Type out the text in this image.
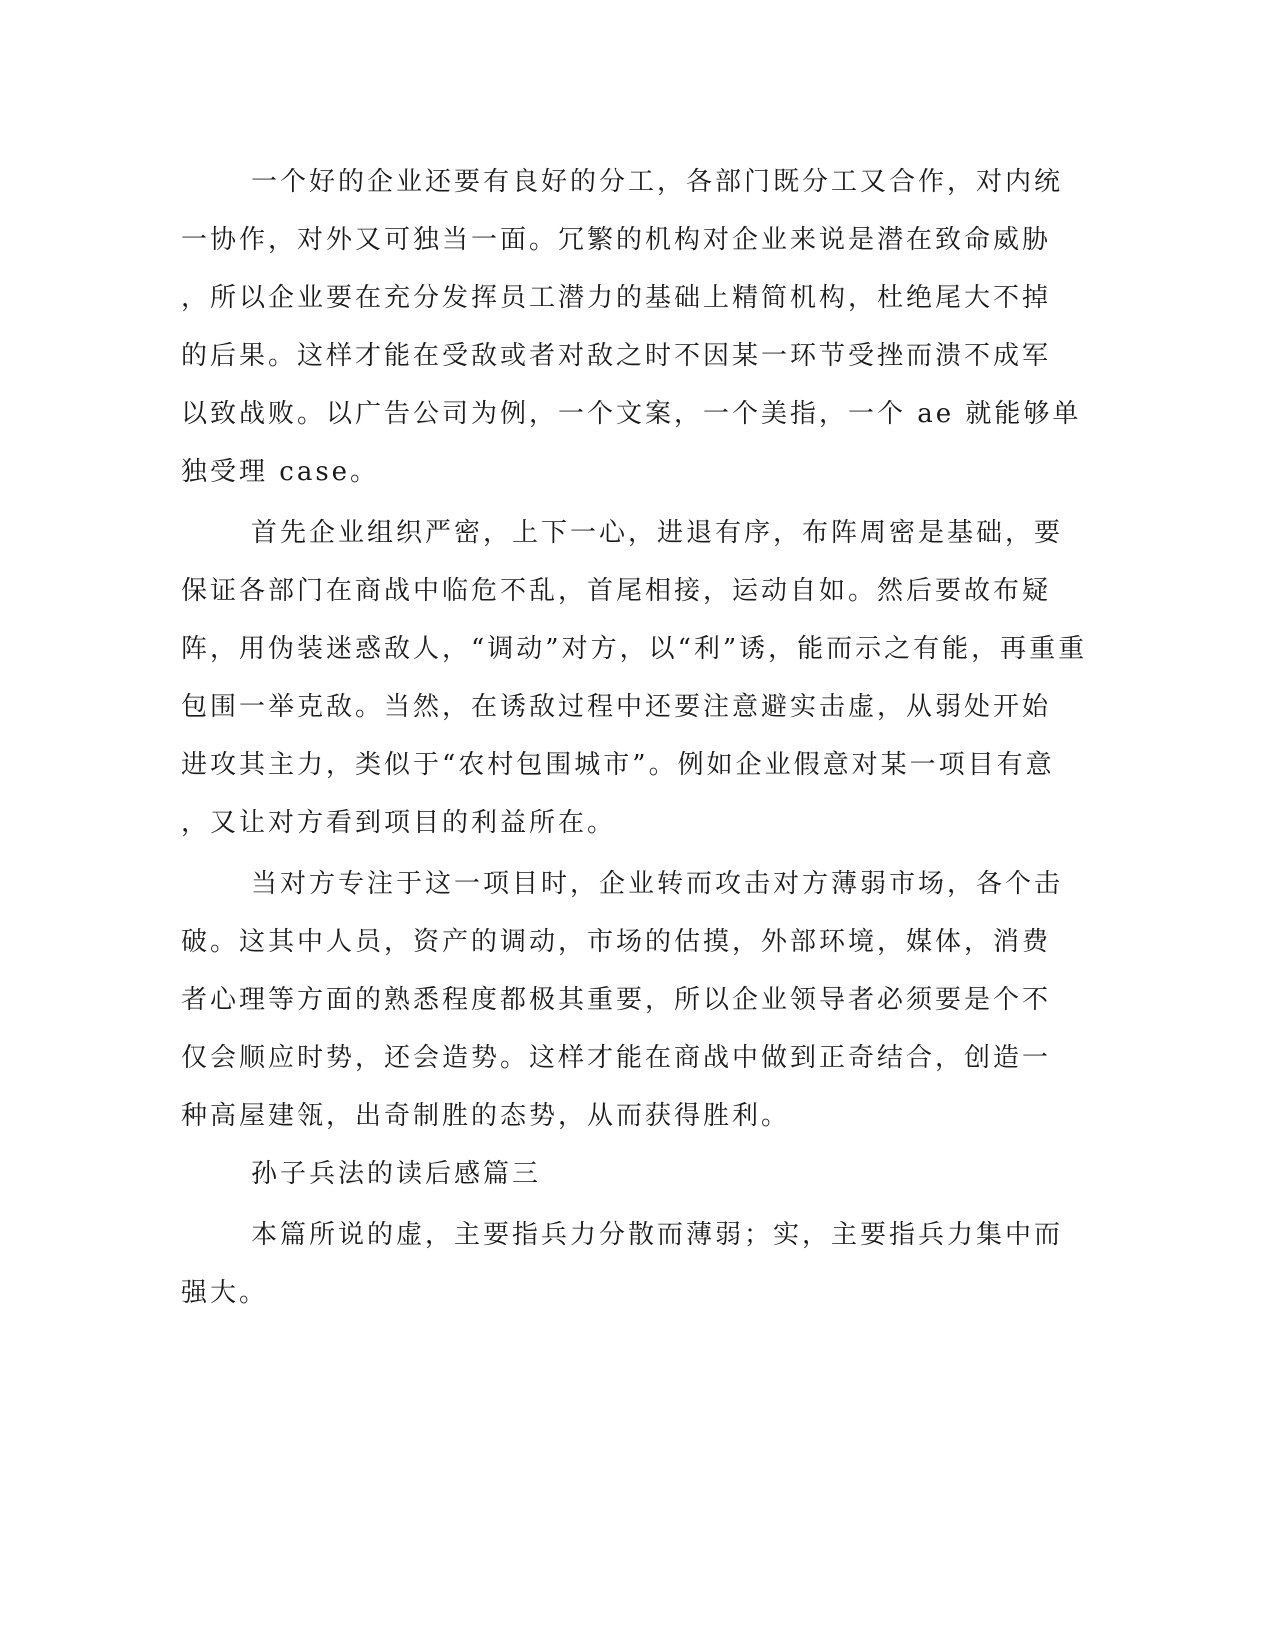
一个好的企业还要有良好的分工，各部门既分工又合作，对内统
一协作，对外又可独当一面。冗繁的机构对企业来说是潜在致命威胁
，所以企业要在充分发挥员工潜力的基础上精简机构，杜绝尾大不掉
的后果。这样才能在受敌或者对敌之时不因某一环节受挫而溃不成军
以致战败。以广告公司为例，一个文案，一个美指，一个 ae 就能够单
独受理 case。
首先企业组织严密，上下一心，进退有序，布阵周密是基础，要
保证各部门在商战中临危不乱，首尾相接，运动自如。然后要故布疑
阵，用伪装迷惑敌人，“调动”对方，以“利”诱，能而示之有能，再重重
包围一举克敌。当然，在诱敌过程中还要注意避实击虚，从弱处开始
进攻其主力，类似于“农村包围城市”。例如企业假意对某一项目有意
，又让对方看到项目的利益所在。
当对方专注于这一项目时，企业转而攻击对方薄弱市场，各个击
破。这其中人员，资产的调动，市场的估摸，外部环境，媒体，消费
者心理等方面的熟悉程度都极其重要，所以企业领导者必须要是个不
仅会顺应时势，还会造势。这样才能在商战中做到正奇结合，创造一
种高屋建瓴，出奇制胜的态势，从而获得胜利。
孙子兵法的读后感篇三
本篇所说的虚，主要指兵力分散而薄弱；实，主要指兵力集中而
强大。
